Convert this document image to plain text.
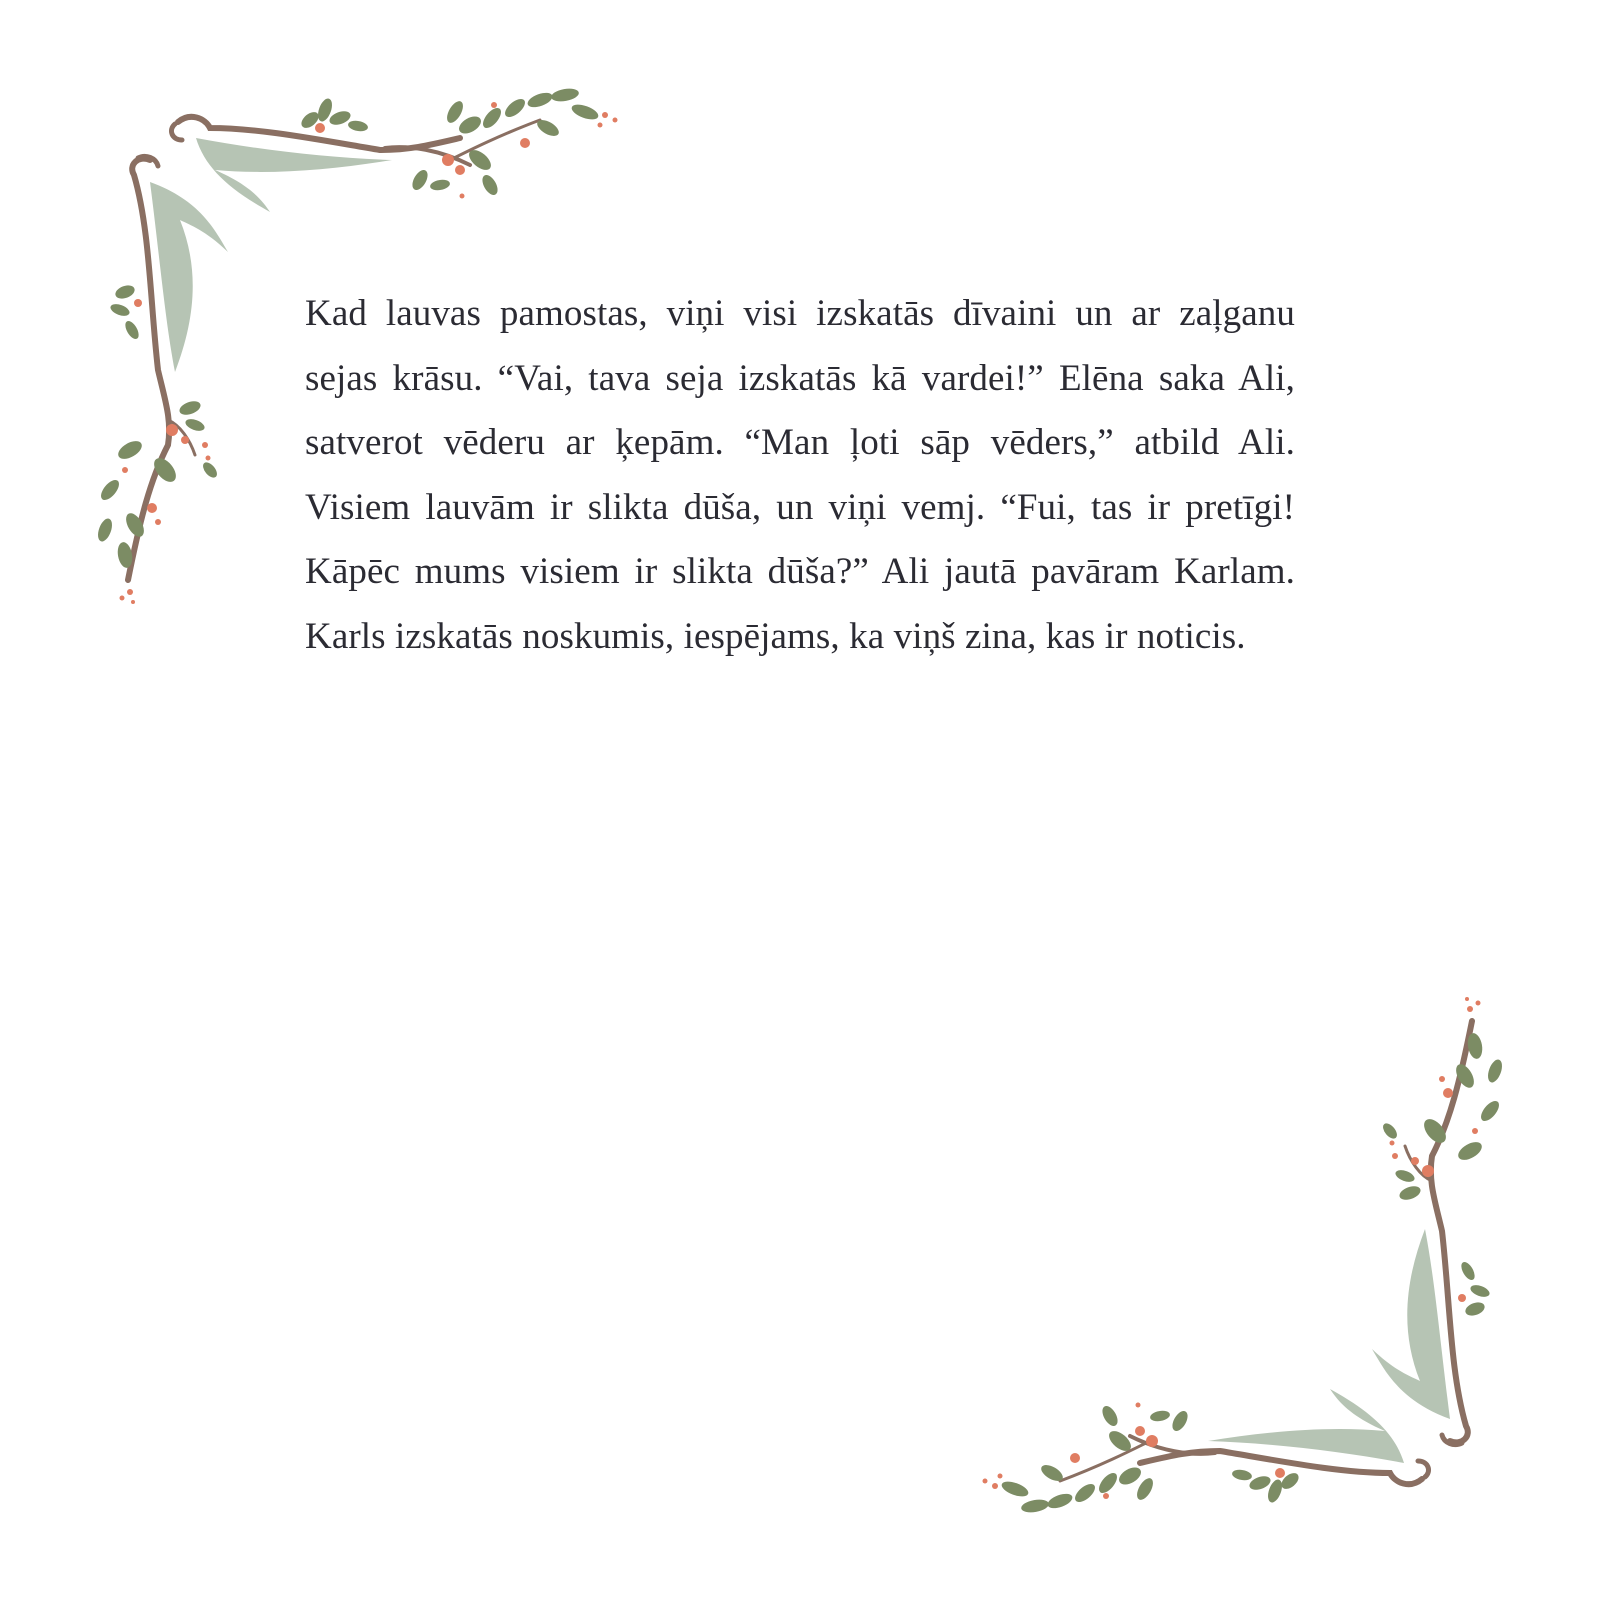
Kad lauvas pamostas, viņi visi izskatās dīvaini un ar zaļganu
sejas krāsu. “Vai, tava seja izskatās kā vardei!” Elēna saka Ali,
satverot vēderu ar ķepām. “Man ļoti sāp vēders,” atbild Ali.
Visiem lauvām ir slikta dūša, un viņi vemj. “Fui, tas ir pretīgi!
Kāpēc mums visiem ir slikta dūša?” Ali jautā pavāram Karlam.
Karls izskatās noskumis, iespējams, ka viņš zina, kas ir noticis.
